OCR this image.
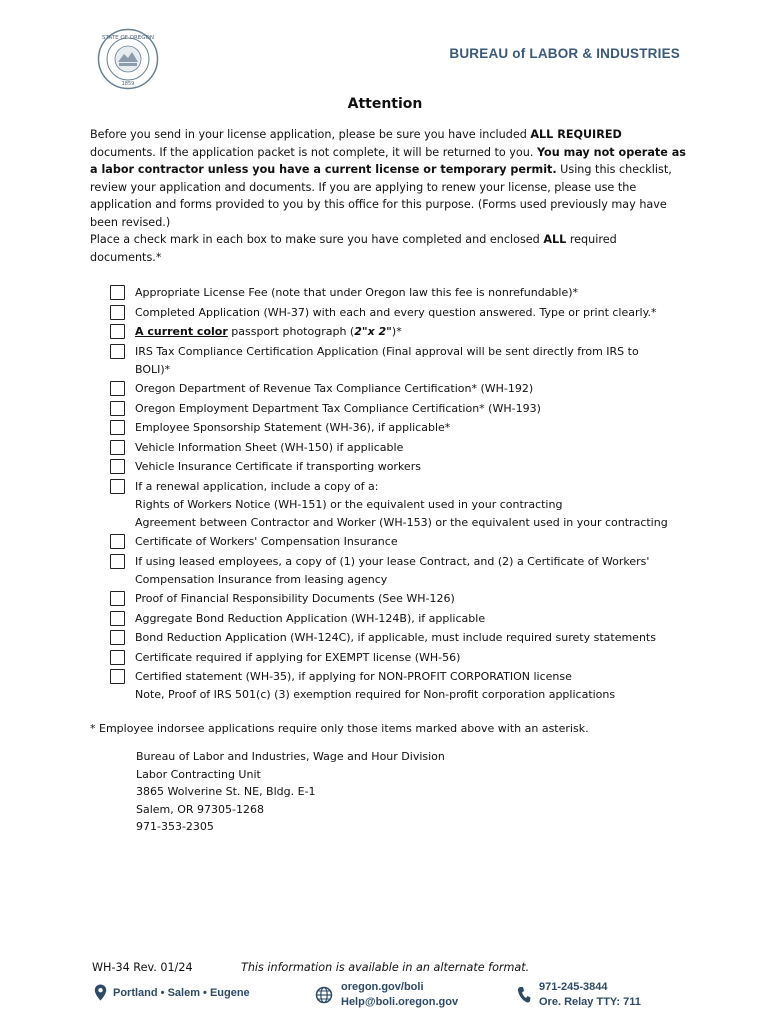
STATE OF OREGON
1859
BUREAU of LABOR & INDUSTRIES
Attention
Before you send in your license application, please be sure you have included ALL REQUIRED documents. If the application packet is not complete, it will be returned to you. You may not operate as a labor contractor unless you have a current license or temporary permit. Using this checklist, review your application and documents. If you are applying to renew your license, please use the application and forms provided to you by this office for this purpose. (Forms used previously may have been revised.)
Place a check mark in each box to make sure you have completed and enclosed ALL required documents.*
Appropriate License Fee (note that under Oregon law this fee is nonrefundable)*
Completed Application (WH-37) with each and every question answered. Type or print clearly.*
A current color passport photograph (2"x 2")*
IRS Tax Compliance Certification Application (Final approval will be sent directly from IRS to
BOLI)*
Oregon Department of Revenue Tax Compliance Certification* (WH-192)
Oregon Employment Department Tax Compliance Certification* (WH-193)
Employee Sponsorship Statement (WH-36), if applicable*
Vehicle Information Sheet (WH-150) if applicable
Vehicle Insurance Certificate if transporting workers
If a renewal application, include a copy of a:
Rights of Workers Notice (WH-151) or the equivalent used in your contracting
Agreement between Contractor and Worker (WH-153) or the equivalent used in your contracting
Certificate of Workers' Compensation Insurance
If using leased employees, a copy of (1) your lease Contract, and (2) a Certificate of Workers'
Compensation Insurance from leasing agency
Proof of Financial Responsibility Documents (See WH-126)
Aggregate Bond Reduction Application (WH-124B), if applicable
Bond Reduction Application (WH-124C), if applicable, must include required surety statements
Certificate required if applying for EXEMPT license (WH-56)
Certified statement (WH-35), if applying for NON-PROFIT CORPORATION license
Note, Proof of IRS 501(c) (3) exemption required for Non-profit corporation applications
* Employee indorsee applications require only those items marked above with an asterisk.
Bureau of Labor and Industries, Wage and Hour Division
Labor Contracting Unit
3865 Wolverine St. NE, Bldg. E-1
Salem, OR 97305-1268
971-353-2305
WH-34 Rev. 01/24	This information is available in an alternate format.
Portland • Salem • Eugene	oregon.gov/boli
Help@boli.oregon.gov
971-245-3844
Ore. Relay TTY: 711
